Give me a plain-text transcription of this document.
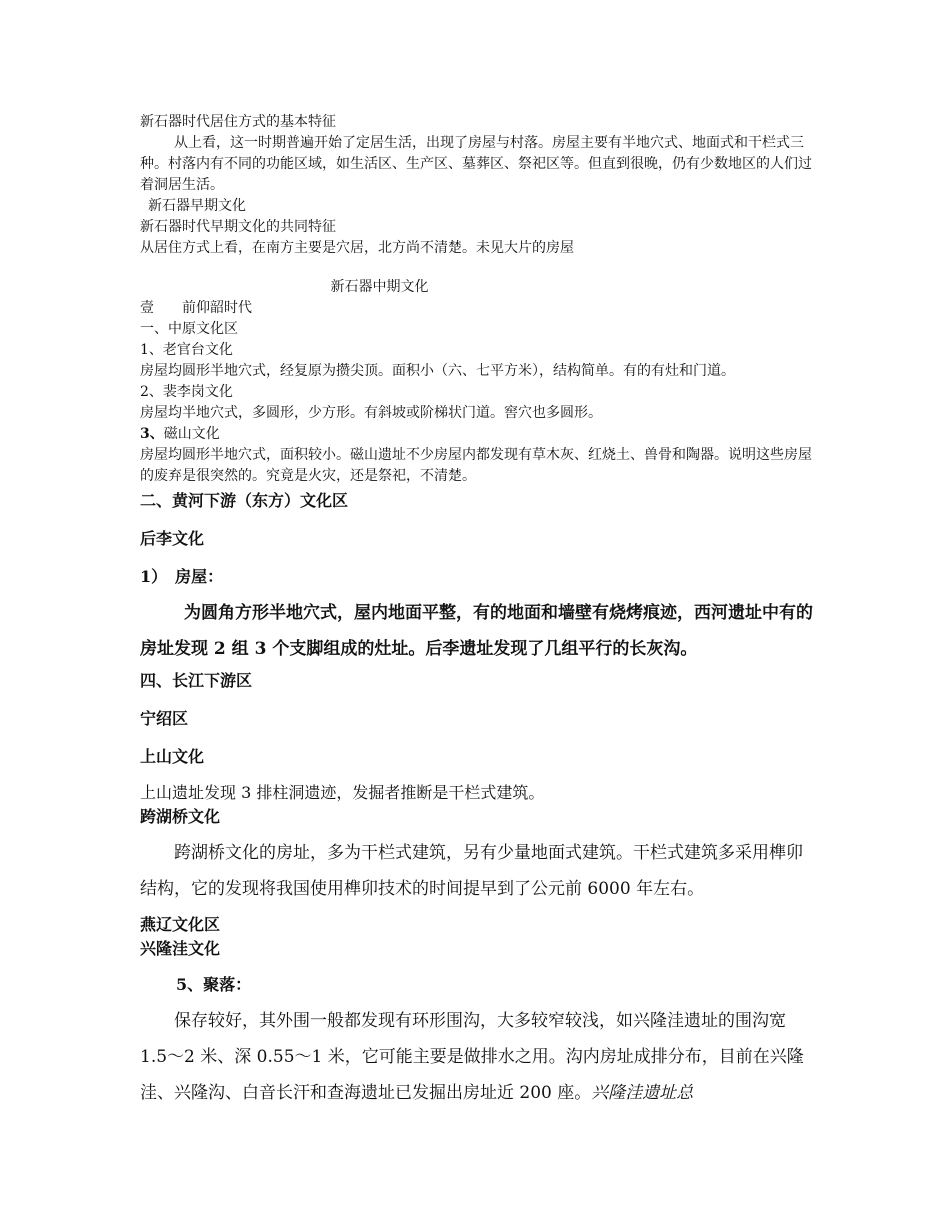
新石器时代居住方式的基本特征

从上看，这一时期普遍开始了定居生活，出现了房屋与村落。房屋主要有半地穴式、地面式和干栏式三种。村落内有不同的功能区域，如生活区、生产区、墓葬区、祭祀区等。但直到很晚，仍有少数地区的人们过着洞居生活。

新石器早期文化

新石器时代早期文化的共同特征

从居住方式上看，在南方主要是穴居，北方尚不清楚。未见大片的房屋

新石器中期文化

壹　　前仰韶时代

一、中原文化区

1、老官台文化

房屋均圆形半地穴式，经复原为攒尖顶。面积小（六、七平方米），结构简单。有的有灶和门道。

2、裴李岗文化

房屋均半地穴式，多圆形，少方形。有斜坡或阶梯状门道。窖穴也多圆形。

3、磁山文化

房屋均圆形半地穴式，面积较小。磁山遗址不少房屋内都发现有草木灰、红烧土、兽骨和陶器。说明这些房屋的废弃是很突然的。究竟是火灾，还是祭祀，不清楚。

二、黄河下游（东方）文化区

后李文化

1）　房屋：

为圆角方形半地穴式，屋内地面平整，有的地面和墙壁有烧烤痕迹，西河遗址中有的房址发现 2 组 3 个支脚组成的灶址。后李遗址发现了几组平行的长灰沟。

四、长江下游区

宁绍区

上山文化

上山遗址发现 3 排柱洞遗迹，发掘者推断是干栏式建筑。

跨湖桥文化

跨湖桥文化的房址，多为干栏式建筑，另有少量地面式建筑。干栏式建筑多采用榫卯结构，它的发现将我国使用榫卯技术的时间提早到了公元前 6000 年左右。

燕辽文化区

兴隆洼文化

5、聚落：

保存较好，其外围一般都发现有环形围沟，大多较窄较浅，如兴隆洼遗址的围沟宽 1.5～2 米、深 0.55～1 米，它可能主要是做排水之用。沟内房址成排分布，目前在兴隆洼、兴隆沟、白音长汗和查海遗址已发掘出房址近 200 座。兴隆洼遗址总
